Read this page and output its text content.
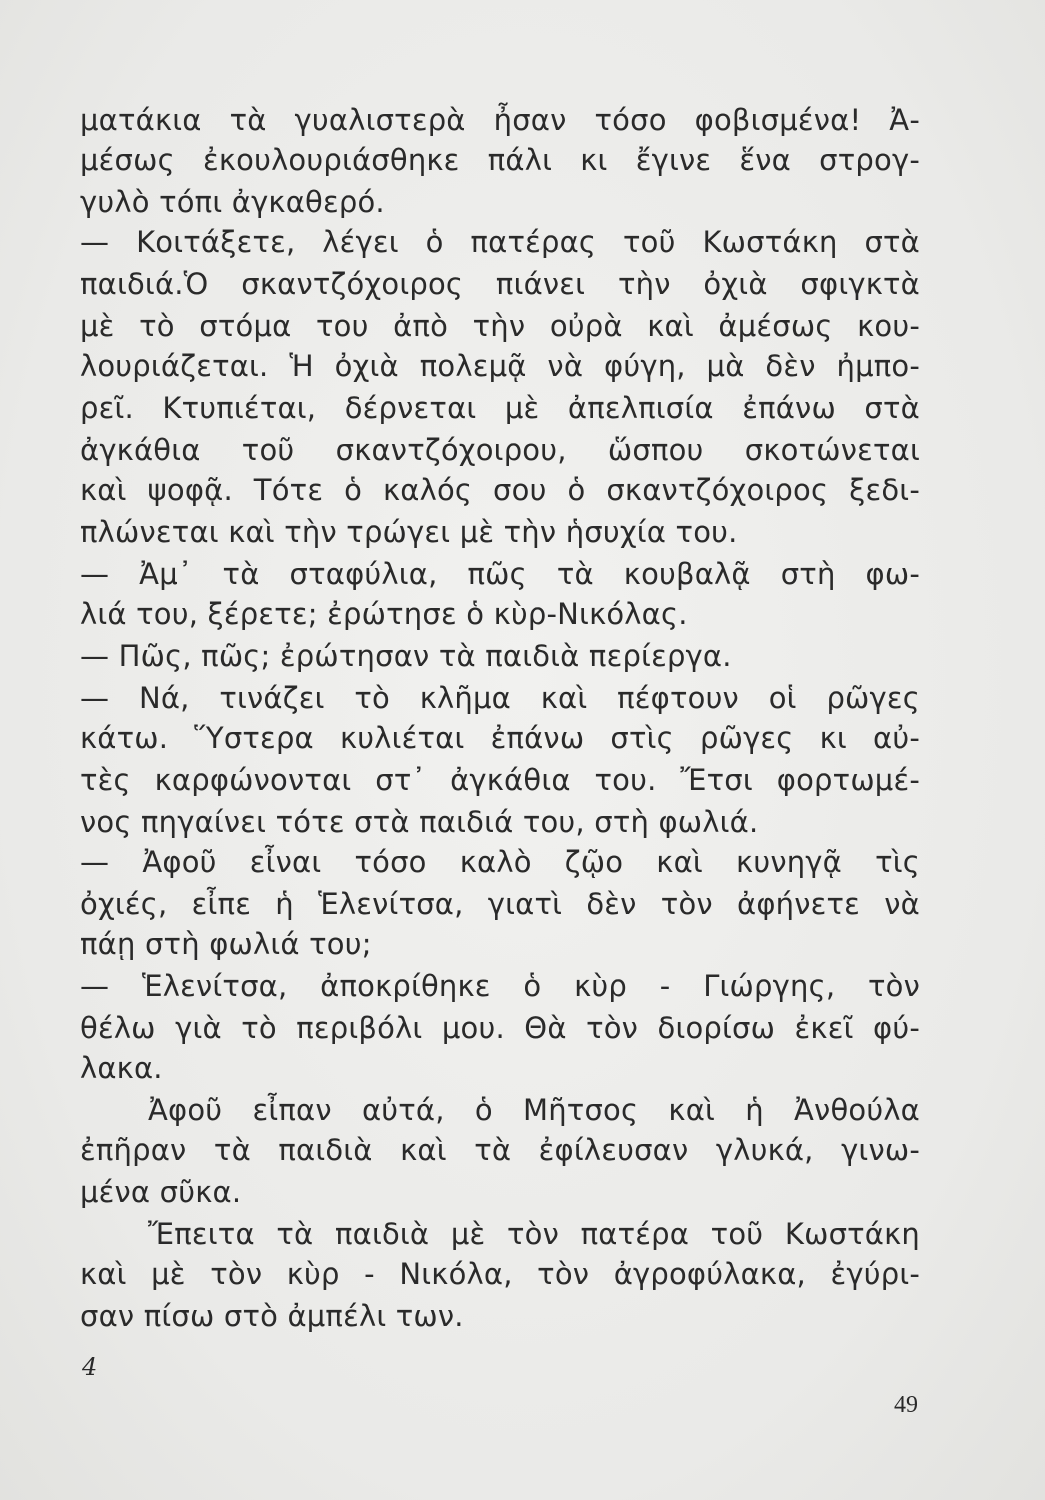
ματάκια τὰ γυαλιστερὰ ἦσαν τόσο φοβισμένα! Ἀ-
μέσως ἐκουλουριάσθηκε πάλι κι ἔγινε ἕνα στρογ-
γυλὸ τόπι ἀγκαθερό.
— Κοιτάξετε, λέγει ὁ πατέρας τοῦ Κωστάκη στὰ
παιδιά.Ὁ σκαντζόχοιρος πιάνει τὴν ὀχιὰ σφιγκτὰ
μὲ τὸ στόμα του ἀπὸ τὴν οὐρὰ καὶ ἀμέσως κου-
λουριάζεται. Ἡ ὀχιὰ πολεμᾷ νὰ φύγη, μὰ δὲν ἠμπο-
ρεῖ. Κτυπιέται, δέρνεται μὲ ἀπελπισία ἐπάνω στὰ
ἀγκάθια τοῦ σκαντζόχοιρου, ὥσπου σκοτώνεται
καὶ ψοφᾷ. Τότε ὁ καλός σου ὁ σκαντζόχοιρος ξεδι-
πλώνεται καὶ τὴν τρώγει μὲ τὴν ἡσυχία του.
— Ἀμ᾿ τὰ σταφύλια, πῶς τὰ κουβαλᾷ στὴ φω-
λιά του, ξέρετε; ἐρώτησε ὁ κὺρ-Νικόλας.
— Πῶς, πῶς; ἐρώτησαν τὰ παιδιὰ περίεργα.
— Νά, τινάζει τὸ κλῆμα καὶ πέφτουν οἱ ρῶγες
κάτω. Ὕστερα κυλιέται ἐπάνω στὶς ρῶγες κι αὐ-
τὲς καρφώνονται στ᾿ ἀγκάθια του. Ἔτσι φορτωμέ-
νος πηγαίνει τότε στὰ παιδιά του, στὴ φωλιά.
— Ἀφοῦ εἶναι τόσο καλὸ ζῷο καὶ κυνηγᾷ τὶς
ὀχιές, εἶπε ἡ Ἑλενίτσα, γιατὶ δὲν τὸν ἀφήνετε νὰ
πάῃ στὴ φωλιά του;
— Ἑλενίτσα, ἀποκρίθηκε ὁ κὺρ - Γιώργης, τὸν
θέλω γιὰ τὸ περιβόλι μου. Θὰ τὸν διορίσω ἐκεῖ φύ-
λακα.
Ἀφοῦ εἶπαν αὐτά, ὁ Μῆτσος καὶ ἡ Ἀνθούλα
ἐπῆραν τὰ παιδιὰ καὶ τὰ ἐφίλευσαν γλυκά, γινω-
μένα σῦκα.
Ἔπειτα τὰ παιδιὰ μὲ τὸν πατέρα τοῦ Κωστάκη
καὶ μὲ τὸν κὺρ - Νικόλα, τὸν ἀγροφύλακα, ἐγύρι-
σαν πίσω στὸ ἀμπέλι των.
4
49
